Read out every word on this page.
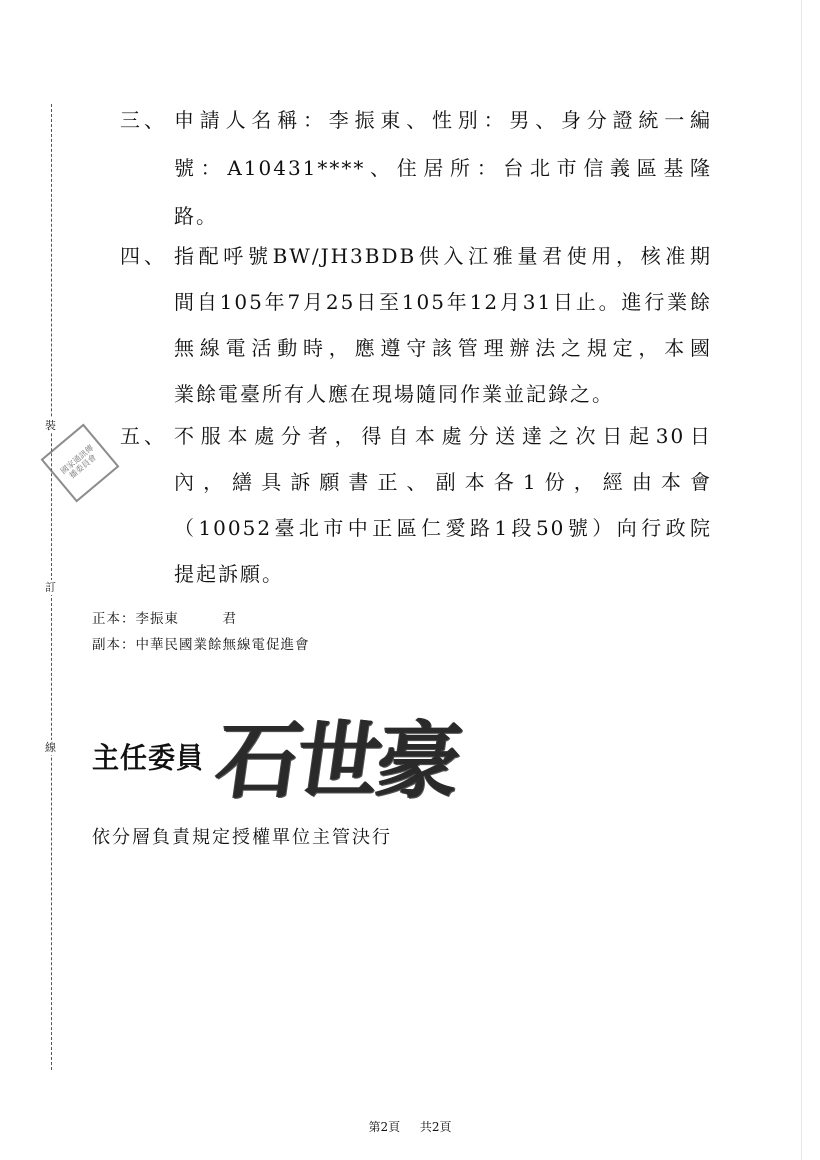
裝
訂
線
國家通訊傳播委員會
三、 申請人名稱：李振東、性別：男、身分證統一編
號：A10431****、住居所：台北市信義區基隆
路。
四、 指配呼號BW/JH3BDB供入江雅量君使用，核准期
間自105年7月25日至105年12月31日止。進行業餘
無線電活動時，應遵守該管理辦法之規定，本國
業餘電臺所有人應在現場隨同作業並記錄之。
五、 不服本處分者，得自本處分送達之次日起30日
內，繕具訴願書正、副本各1份，經由本會
（10052臺北市中正區仁愛路1段50號）向行政院
提起訴願。
正本：李振東　　　君
副本：中華民國業餘無線電促進會
主任委員 石世豪
依分層負責規定授權單位主管決行
第2頁 共2頁
